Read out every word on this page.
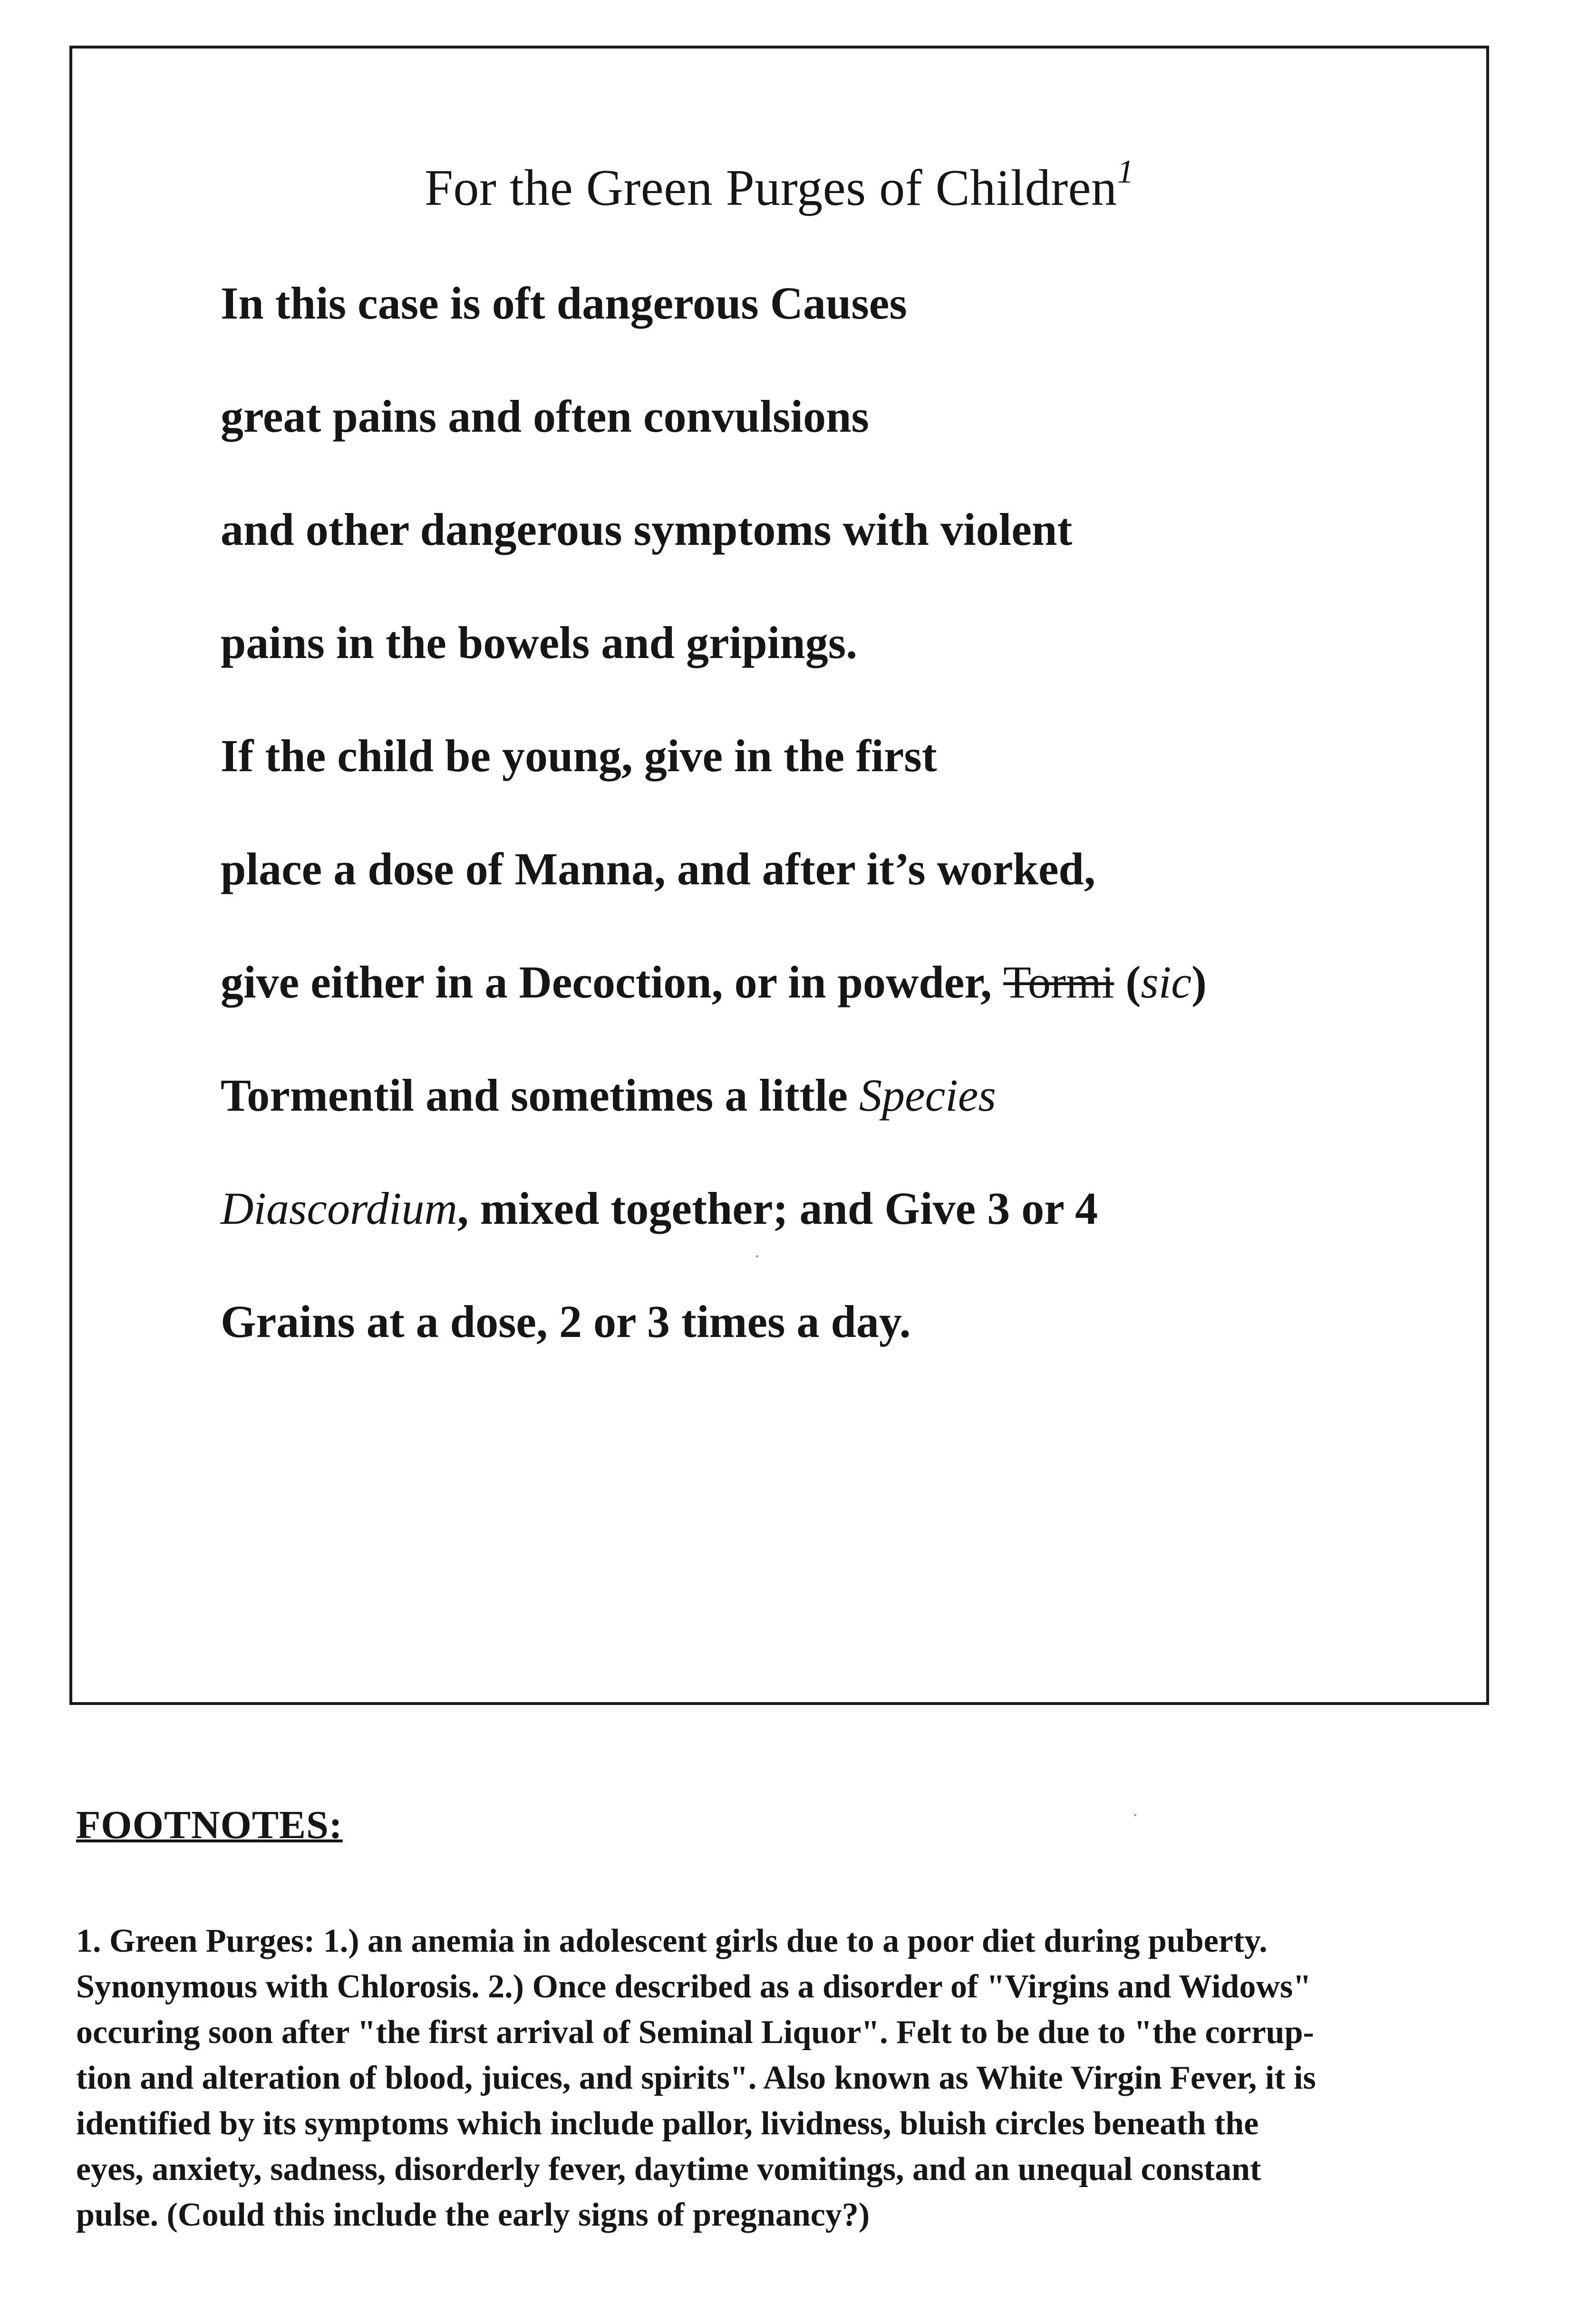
For the Green Purges of Children$^1$
In this case is oft dangerous Causes
great pains and often convulsions
and other dangerous symptoms with violent
pains in the bowels and gripings.
If the child be young, give in the first
place a dose of Manna, and after it’s worked,
give either in a Decoction, or in powder, Tormi (sic)
Tormentil and sometimes a little Species
Diascordium, mixed together; and Give 3 or 4
Grains at a dose, 2 or 3 times a day.
FOOTNOTES:
1. Green Purges: 1.) an anemia in adolescent girls due to a poor diet during puberty.
Synonymous with Chlorosis. 2.) Once described as a disorder of "Virgins and Widows"
occuring soon after "the first arrival of Seminal Liquor". Felt to be due to "the corrup-
tion and alteration of blood, juices, and spirits". Also known as White Virgin Fever, it is
identified by its symptoms which include pallor, lividness, bluish circles beneath the
eyes, anxiety, sadness, disorderly fever, daytime vomitings, and an unequal constant
pulse. (Could this include the early signs of pregnancy?)
